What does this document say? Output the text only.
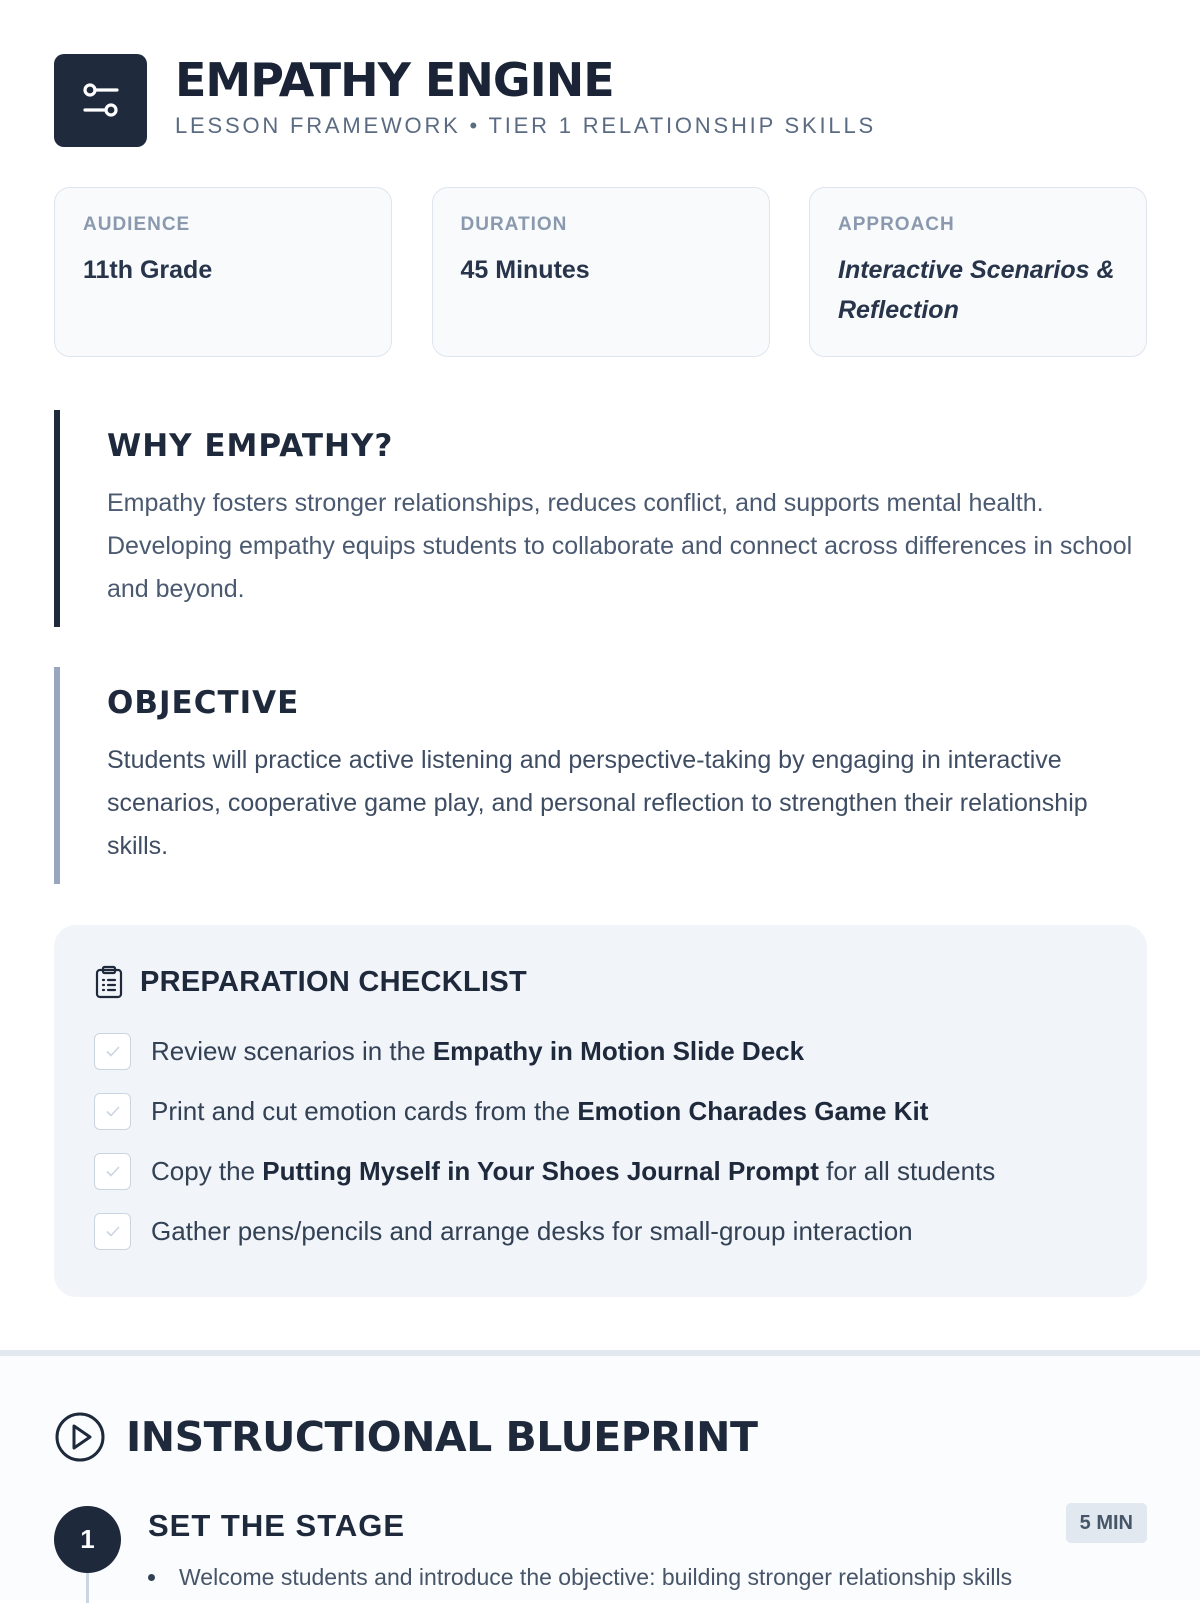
EMPATHY ENGINE
LESSON FRAMEWORK • TIER 1 RELATIONSHIP SKILLS
AUDIENCE
11th Grade
DURATION
45 Minutes
APPROACH
Interactive Scenarios & Reflection
WHY EMPATHY?
Empathy fosters stronger relationships, reduces conflict, and supports mental health. Developing empathy equips students to collaborate and connect across differences in school and beyond.
OBJECTIVE
Students will practice active listening and perspective-taking by engaging in interactive scenarios, cooperative game play, and personal reflection to strengthen their relationship skills.
PREPARATION CHECKLIST
Review scenarios in the Empathy in Motion Slide Deck
Print and cut emotion cards from the Emotion Charades Game Kit
Copy the Putting Myself in Your Shoes Journal Prompt for all students
Gather pens/pencils and arrange desks for small-group interaction
INSTRUCTIONAL BLUEPRINT
1	SET THE STAGE	5 MIN
Welcome students and introduce the objective: building stronger relationship skills
